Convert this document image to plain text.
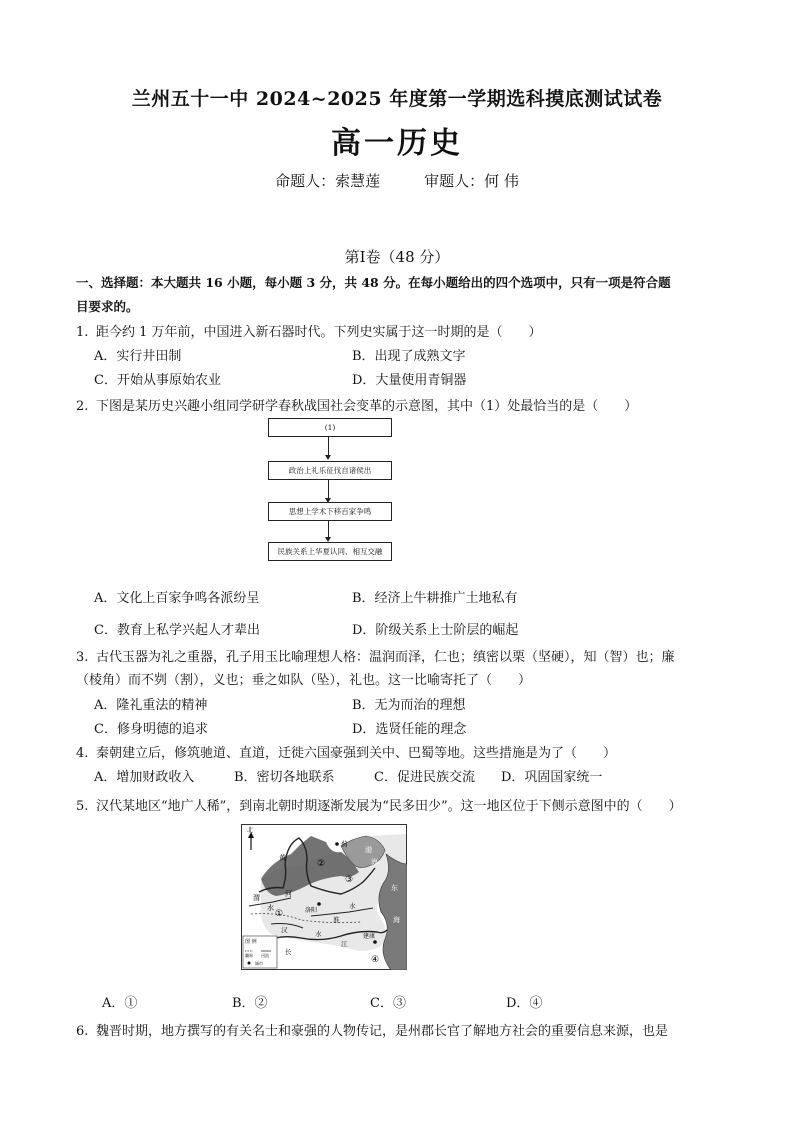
兰州五十一中 2024~2025 年度第一学期选科摸底测试试卷
高一历史
命题人：索慧莲	审题人：何 伟
第Ⅰ卷（48 分）
一、选择题：本大题共 16 小题，每小题 3 分，共 48 分。在每小题给出的四个选项中，只有一项是符合题
目要求的。
1. 距今约 1 万年前，中国进入新石器时代。下列史实属于这一时期的是（　　）
A．实行井田制	B．出现了成熟文字
C．开始从事原始农业	D．大量使用青铜器
2. 下图是某历史兴趣小组同学研学春秋战国社会变革的示意图，其中（1）处最恰当的是（　　）
(1)
政治上礼乐征伐自诸侯出
思想上学术下移百家争鸣
民族关系上华夏认同、相互交融
A．文化上百家争鸣各派纷呈	B．经济上牛耕推广土地私有
C．教育上私学兴起人才辈出	D．阶级关系上士阶层的崛起
3. 古代玉器为礼之重器，孔子用玉比喻理想人格：温润而泽，仁也；缜密以栗（坚硬），知（智）也；廉
（棱角）而不刿（割），义也；垂之如队（坠），礼也。这一比喻寄托了（　　）
A．隆礼重法的精神	B．无为而治的理想
C．修身明德的追求	D．选贤任能的理念
4. 秦朝建立后，修筑驰道、直道，迁徙六国豪强到关中、巴蜀等地。这些措施是为了（　　）
A．增加财政收入	B．密切各地联系	C．促进民族交流 D．巩固国家统一
5. 汉代某地区“地广人稀”，到南北朝时期逐渐发展为“民多田少”。这一地区位于下侧示意图中的（　　）
北
蓟
黄
河
渤
海
东
海
渭
水	洛阳
淮
水
汉
长
水
江
建康
①
②
③
④
图 例
疆界 河流
城市
A．①	B．②	C．③	D．④
6. 魏晋时期，地方撰写的有关名士和豪强的人物传记，是州郡长官了解地方社会的重要信息来源，也是
